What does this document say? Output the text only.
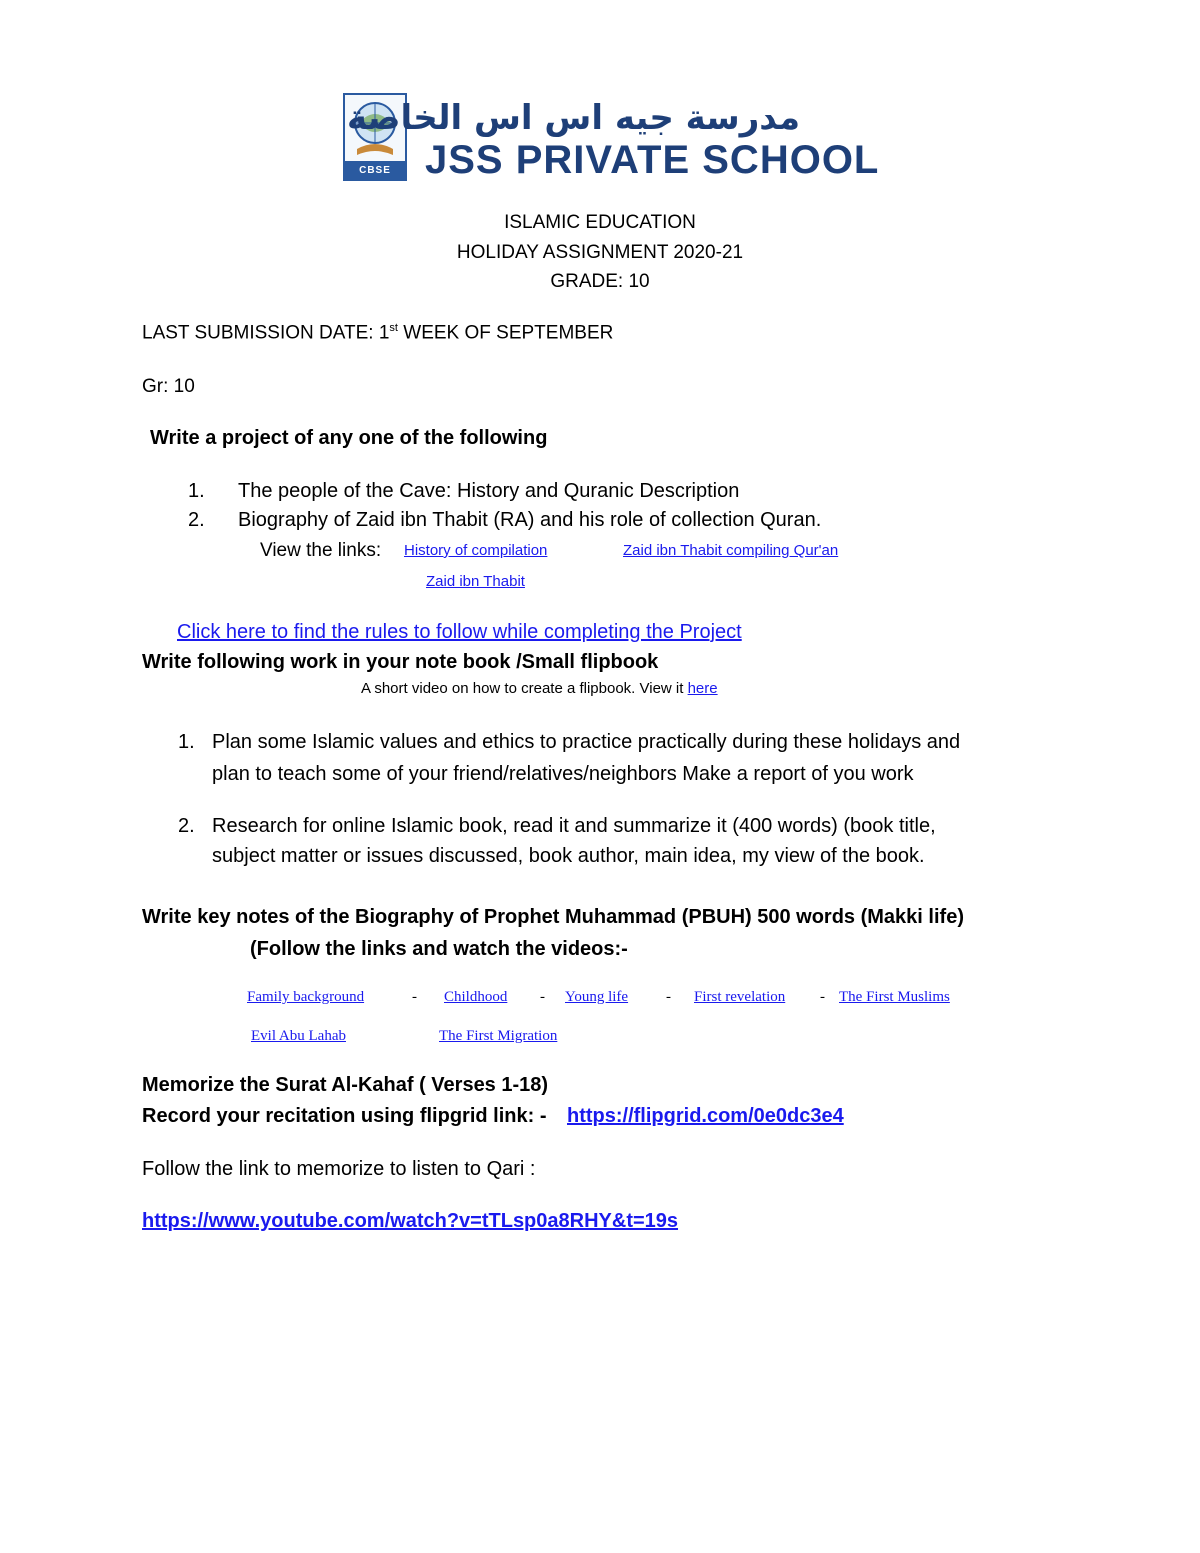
CBSE
مدرسة جيه اس اس الخاصة
JSS PRIVATE SCHOOL
ISLAMIC EDUCATION
HOLIDAY ASSIGNMENT 2020-21
GRADE: 10
LAST SUBMISSION DATE: 1st WEEK OF SEPTEMBER
Gr: 10
Write a project of any one of the following
1. The people of the Cave: History and Quranic Description
2. Biography of Zaid ibn Thabit (RA) and his role of collection Quran.
View the links: History of compilation	Zaid ibn Thabit compiling Qur'an
Zaid ibn Thabit
Click here to find the rules to follow while completing the Project
Write following work in your note book /Small flipbook
A short video on how to create a flipbook. View it here
1. Plan some Islamic values and ethics to practice practically during these holidays and
plan to teach some of your friend/relatives/neighbors Make a report of you work
2. Research for online Islamic book, read it and summarize it (400 words) (book title,
subject matter or issues discussed, book author, main idea, my view of the book.
Write key notes of the Biography of Prophet Muhammad (PBUH) 500 words (Makki life)
(Follow the links and watch the videos:-
Family background	- Childhood - Young life	- First revelation - The First Muslims
Evil Abu Lahab	The First Migration
Memorize the Surat Al-Kahaf ( Verses 1-18)
Record your recitation using flipgrid link: - https://flipgrid.com/0e0dc3e4
Follow the link to memorize to listen to Qari :
https://www.youtube.com/watch?v=tTLsp0a8RHY&t=19s
